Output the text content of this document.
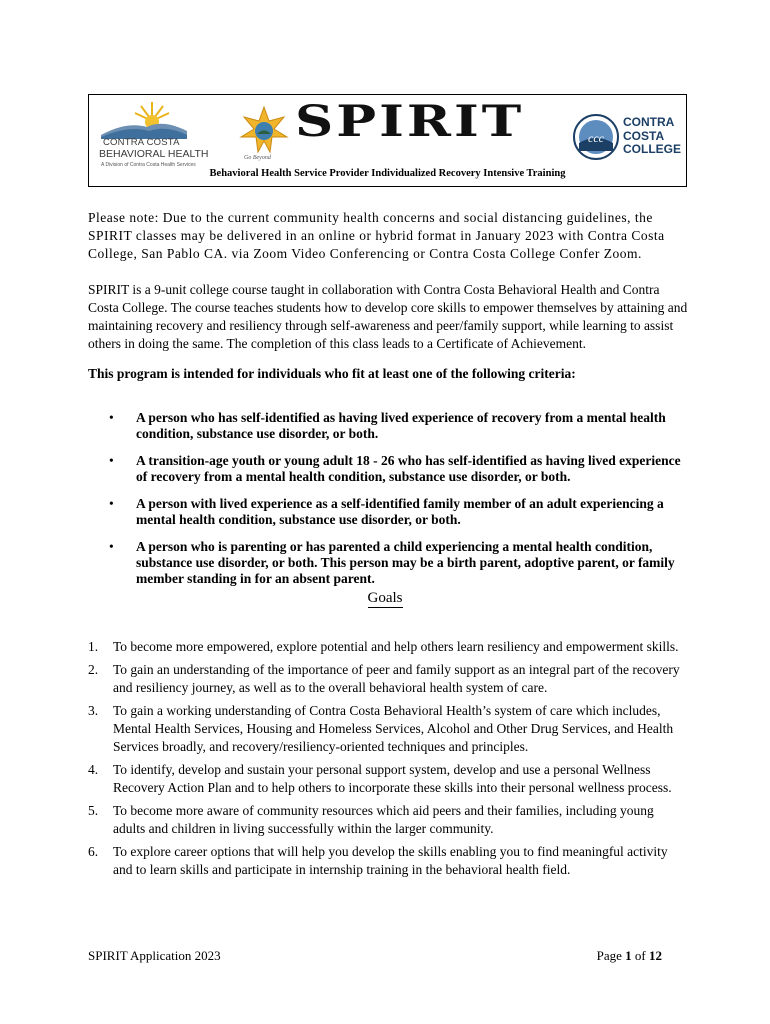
CONTRA COSTA
BEHAVIORAL HEALTH
A Division of Contra Costa Health Services
Go Beyond
SPIRIT	ccc
CONTRA
COSTA
COLLEGE
Behavioral Health Service Provider Individualized Recovery Intensive Training

Please note: Due to the current community health concerns and social distancing guidelines, the SPIRIT classes may be delivered in an online or hybrid format in January 2023 with Contra Costa College, San Pablo CA. via Zoom Video Conferencing or Contra Costa College Confer Zoom.

SPIRIT is a 9-unit college course taught in collaboration with Contra Costa Behavioral Health and Contra Costa College. The course teaches students how to develop core skills to empower themselves by attaining and maintaining recovery and resiliency through self-awareness and peer/family support, while learning to assist others in doing the same. The completion of this class leads to a Certificate of Achievement.

This program is intended for individuals who fit at least one of the following criteria:

• A person who has self-identified as having lived experience of recovery from a mental health condition, substance use disorder, or both.
• A transition-age youth or young adult 18 - 26 who has self-identified as having lived experience of recovery from a mental health condition, substance use disorder, or both.
• A person with lived experience as a self-identified family member of an adult experiencing a mental health condition, substance use disorder, or both.
• A person who is parenting or has parented a child experiencing a mental health condition, substance use disorder, or both. This person may be a birth parent, adoptive parent, or family member standing in for an absent parent.
Goals
1. To become more empowered, explore potential and help others learn resiliency and empowerment skills.
2. To gain an understanding of the importance of peer and family support as an integral part of the recovery and resiliency journey, as well as to the overall behavioral health system of care.
3. To gain a working understanding of Contra Costa Behavioral Health’s system of care which includes, Mental Health Services, Housing and Homeless Services, Alcohol and Other Drug Services, and Health Services broadly, and recovery/resiliency-oriented techniques and principles.
4. To identify, develop and sustain your personal support system, develop and use a personal Wellness Recovery Action Plan and to help others to incorporate these skills into their personal wellness process.
5. To become more aware of community resources which aid peers and their families, including young adults and children in living successfully within the larger community.
6. To explore career options that will help you develop the skills enabling you to find meaningful activity and to learn skills and participate in internship training in the behavioral health field.
SPIRIT Application 2023	Page 1 of 12
